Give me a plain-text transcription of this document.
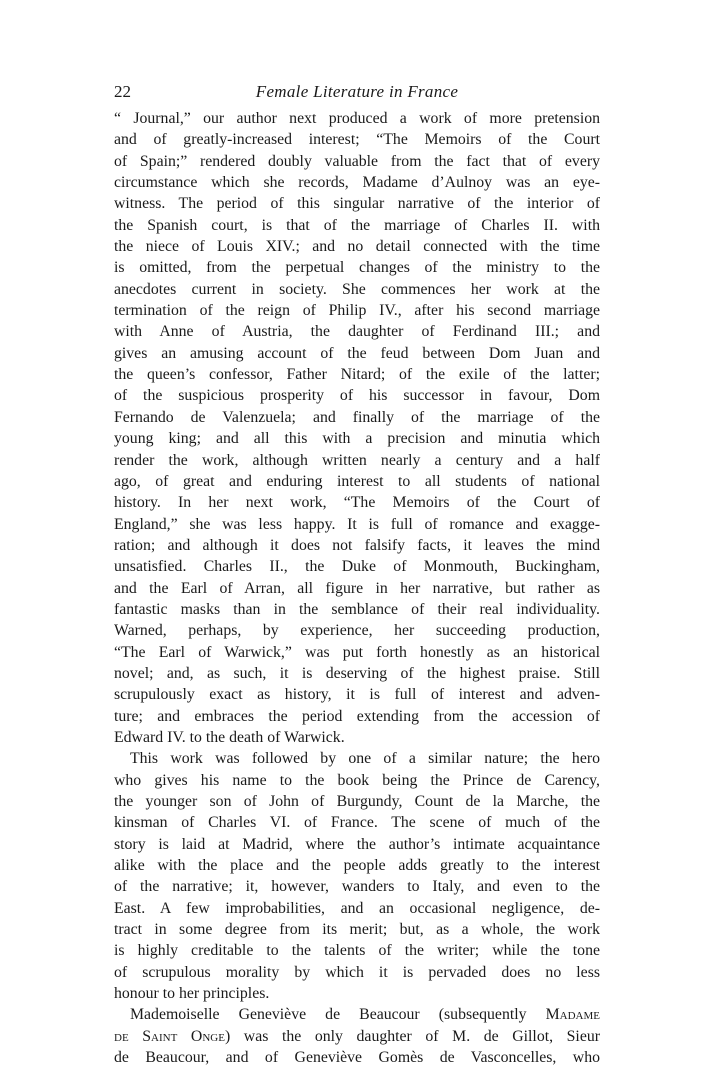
22	Female Literature in France
“ Journal,” our author next produced a work of more pretension
and of greatly-increased interest; “The Memoirs of the Court
of Spain;” rendered doubly valuable from the fact that of every
circumstance which she records, Madame d’Aulnoy was an eye-
witness. The period of this singular narrative of the interior of
the Spanish court, is that of the marriage of Charles II. with
the niece of Louis XIV.; and no detail connected with the time
is omitted, from the perpetual changes of the ministry to the
anecdotes current in society. She commences her work at the
termination of the reign of Philip IV., after his second marriage
with Anne of Austria, the daughter of Ferdinand III.; and
gives an amusing account of the feud between Dom Juan and
the queen’s confessor, Father Nitard; of the exile of the latter;
of the suspicious prosperity of his successor in favour, Dom
Fernando de Valenzuela; and finally of the marriage of the
young king; and all this with a precision and minutia which
render the work, although written nearly a century and a half
ago, of great and enduring interest to all students of national
history. In her next work, “The Memoirs of the Court of
England,” she was less happy. It is full of romance and exagge-
ration; and although it does not falsify facts, it leaves the mind
unsatisfied. Charles II., the Duke of Monmouth, Buckingham,
and the Earl of Arran, all figure in her narrative, but rather as
fantastic masks than in the semblance of their real individuality.
Warned, perhaps, by experience, her succeeding production,
“The Earl of Warwick,” was put forth honestly as an historical
novel; and, as such, it is deserving of the highest praise. Still
scrupulously exact as history, it is full of interest and adven-
ture; and embraces the period extending from the accession of
Edward IV. to the death of Warwick.
This work was followed by one of a similar nature; the hero
who gives his name to the book being the Prince de Carency,
the younger son of John of Burgundy, Count de la Marche, the
kinsman of Charles VI. of France. The scene of much of the
story is laid at Madrid, where the author’s intimate acquaintance
alike with the place and the people adds greatly to the interest
of the narrative; it, however, wanders to Italy, and even to the
East. A few improbabilities, and an occasional negligence, de-
tract in some degree from its merit; but, as a whole, the work
is highly creditable to the talents of the writer; while the tone
of scrupulous morality by which it is pervaded does no less
honour to her principles.
Mademoiselle Geneviève de Beaucour (subsequently Madame
de Saint Onge) was the only daughter of M. de Gillot, Sieur
de Beaucour, and of Geneviève Gomès de Vasconcelles, who
